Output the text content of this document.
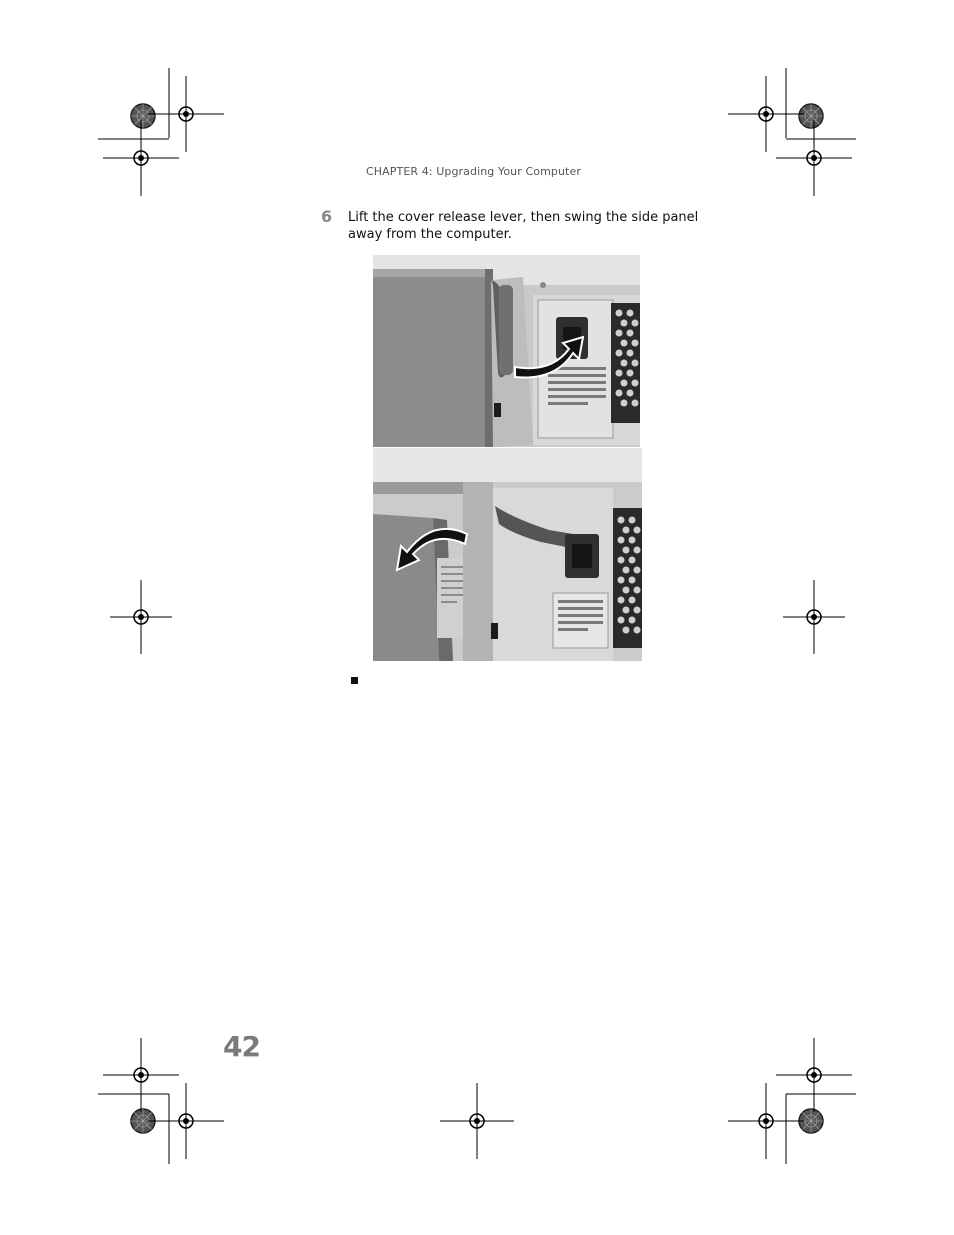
CHAPTER 4: Upgrading Your Computer
6 Lift the cover release lever, then swing the side panel away from the computer.
42
